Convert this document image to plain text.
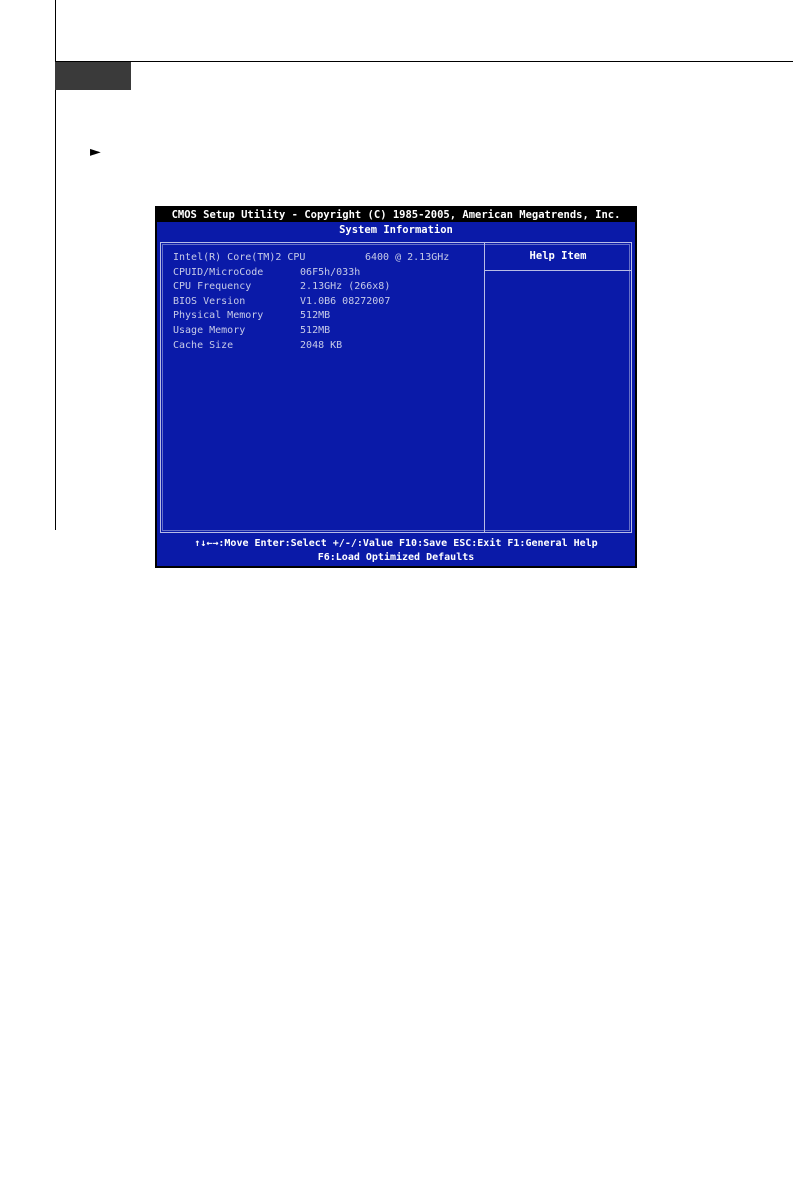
►
CMOS Setup Utility - Copyright (C) 1985-2005, American Megatrends, Inc.
System Information
Intel(R) Core(TM)2 CPU	6400 @ 2.13GHz
CPUID/MicroCode	06F5h/033h
CPU Frequency	2.13GHz (266x8)
BIOS Version	V1.0B6 08272007
Physical Memory	512MB
Usage Memory	512MB
Cache Size	2048 KB
Help Item
↑↓←→:Move Enter:Select +/-/:Value F10:Save ESC:Exit F1:General Help
F6:Load Optimized Defaults
